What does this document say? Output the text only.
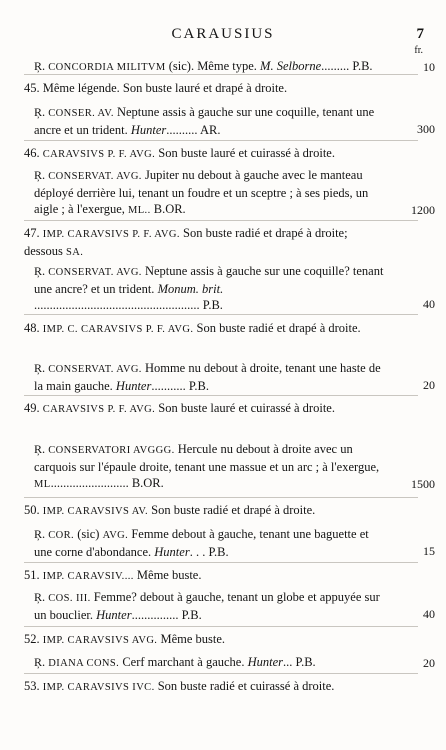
CARAUSIUS	7
fr.
Ŗ. CONCORDIA MILITVM (sic). Même type. M. Selborne......... P.B.	10
45. Même légende. Son buste lauré et drapé à droite.
Ŗ. CONSER. AV. Neptune assis à gauche sur une coquille, tenant une ancre et un trident. Hunter.......... AR.	300
46. CARAVSIVS P. F. AVG. Son buste lauré et cuirassé à droite.
Ŗ. CONSERVAT. AVG. Jupiter nu debout à gauche avec le manteau déployé derrière lui, tenant un foudre et un sceptre ; à ses pieds, un aigle ; à l'exergue, ML.. B.OR.	1200
47. IMP. CARAVSIVS P. F. AVG. Son buste radié et drapé à droite; dessous SA.
Ŗ. CONSERVAT. AVG. Neptune assis à gauche sur une coquille? tenant une ancre? et un trident. Monum. brit. ..................................................... P.B.	40
48. IMP. C. CARAVSIVS P. F. AVG. Son buste radié et drapé à droite.
Ŗ. CONSERVAT. AVG. Homme nu debout à droite, tenant une haste de la main gauche. Hunter........... P.B.	20
49. CARAVSIVS P. F. AVG. Son buste lauré et cuirassé à droite.
Ŗ. CONSERVATORI AVGGG. Hercule nu debout à droite avec un carquois sur l'épaule droite, tenant une massue et un arc ; à l'exergue, ML......................... B.OR.	1500
50. IMP. CARAVSIVS AV. Son buste radié et drapé à droite.
Ŗ. COR. (sic) AVG. Femme debout à gauche, tenant une baguette et une corne d'abondance. Hunter. . . P.B.	15
51. IMP. CARAVSIV.... Même buste.
Ŗ. COS. III. Femme? debout à gauche, tenant un globe et appuyée sur un bouclier. Hunter............... P.B.	40
52. IMP. CARAVSIVS AVG. Même buste.
Ŗ. DIANA CONS. Cerf marchant à gauche. Hunter... P.B.	20
53. IMP. CARAVSIVS IVC. Son buste radié et cuirassé à droite.
